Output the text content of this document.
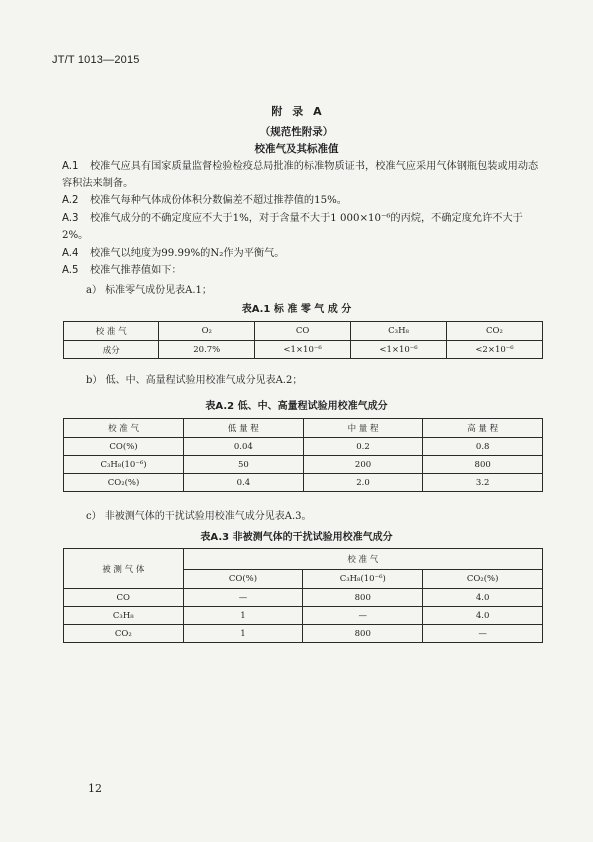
JT/T 1013—2015
附 录 A
（规范性附录）
校准气及其标准值
A.1 校准气应具有国家质量监督检验检疫总局批准的标准物质证书，校准气应采用气体钢瓶包装或用动态容积法来制备。
A.2 校准气每种气体成份体积分数偏差不超过推荐值的15%。
A.3 校准气成分的不确定度应不大于1%，对于含量不大于1 000×10⁻⁶的丙烷，不确定度允许不大于2%。
A.4 校准气以纯度为99.99%的N₂作为平衡气。
A.5 校准气推荐值如下：
a） 标准零气成份见表A.1；
表A.1 标 准 零 气 成 分
校 准 气	O₂	CO	C₃H₈	CO₂
成分	20.7%	<1×10⁻⁶	<1×10⁻⁶	<2×10⁻⁶
b） 低、中、高量程试验用校准气成分见表A.2；
表A.2 低、中、高量程试验用校准气成分
校 准 气	低 量 程	中 量 程	高 量 程
CO(%)	0.04	0.2	0.8
C₃H₈(10⁻⁶)	50	200	800
CO₂(%)	0.4	2.0	3.2
c） 非被测气体的干扰试验用校准气成分见表A.3。
表A.3 非被测气体的干扰试验用校准气成分
被 测 气 体	校 准 气		
	CO(%)	C₃H₈(10⁻⁶)	CO₂(%)
CO	—	800	4.0
C₃H₈	1	—	4.0
CO₂	1	800	—
12
